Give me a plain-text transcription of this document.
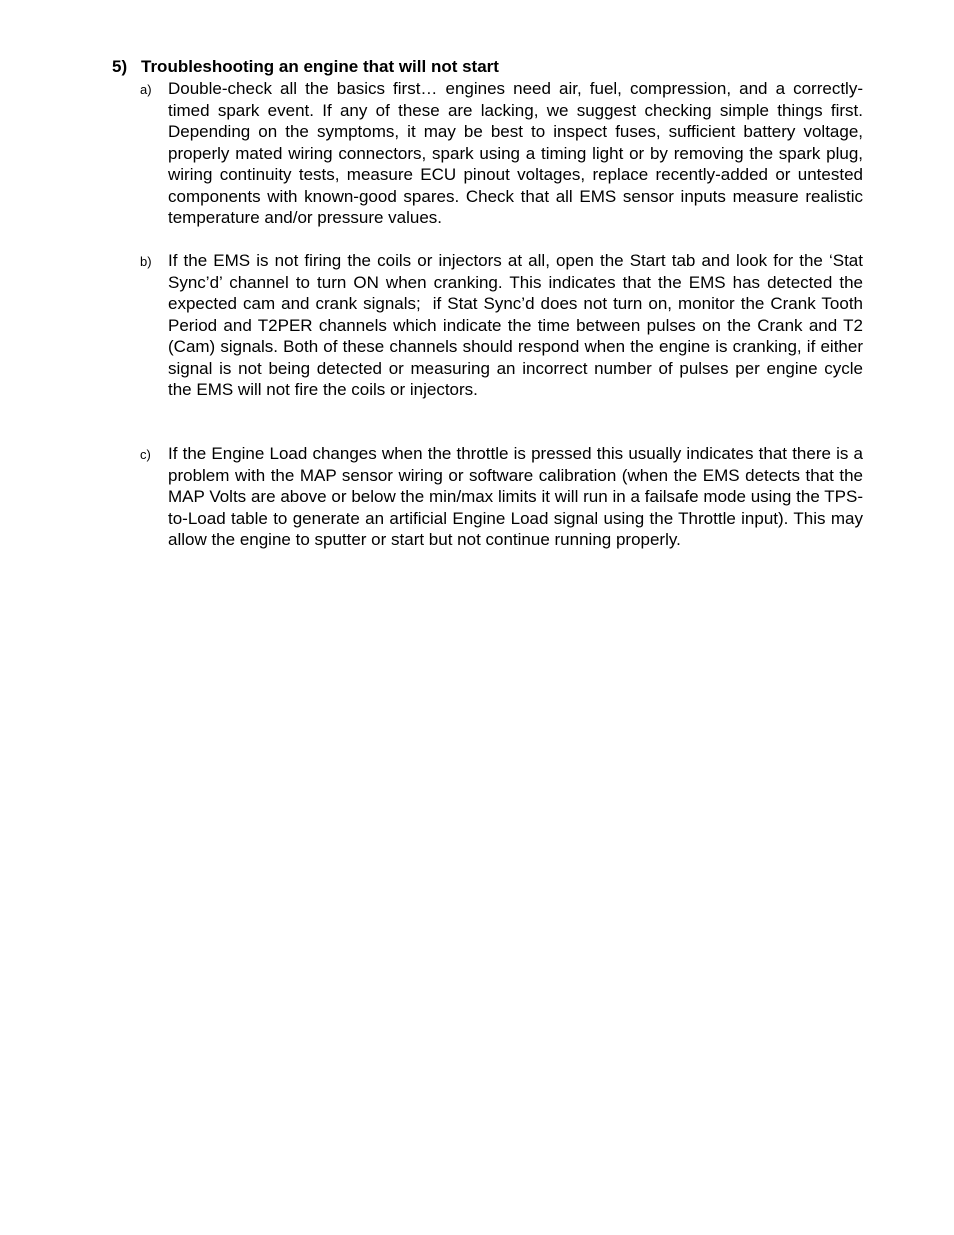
5) Troubleshooting an engine that will not start
a) Double-check all the basics first… engines need air, fuel, compression, and a correctly-timed spark event. If any of these are lacking, we suggest checking simple things first. Depending on the symptoms, it may be best to inspect fuses, sufficient battery voltage, properly mated wiring connectors, spark using a timing light or by removing the spark plug, wiring continuity tests, measure ECU pinout voltages, replace recently-added or untested components with known-good spares. Check that all EMS sensor inputs measure realistic temperature and/or pressure values.
b) If the EMS is not firing the coils or injectors at all, open the Start tab and look for the ‘Stat Sync’d’ channel to turn ON when cranking. This indicates that the EMS has detected the expected cam and crank signals;  if Stat Sync’d does not turn on, monitor the Crank Tooth Period and T2PER channels which indicate the time between pulses on the Crank and T2 (Cam) signals. Both of these channels should respond when the engine is cranking, if either signal is not being detected or measuring an incorrect number of pulses per engine cycle the EMS will not fire the coils or injectors.
c) If the Engine Load changes when the throttle is pressed this usually indicates that there is a problem with the MAP sensor wiring or software calibration (when the EMS detects that the MAP Volts are above or below the min/max limits it will run in a failsafe mode using the TPS-to-Load table to generate an artificial Engine Load signal using the Throttle input). This may allow the engine to sputter or start but not continue running properly.
